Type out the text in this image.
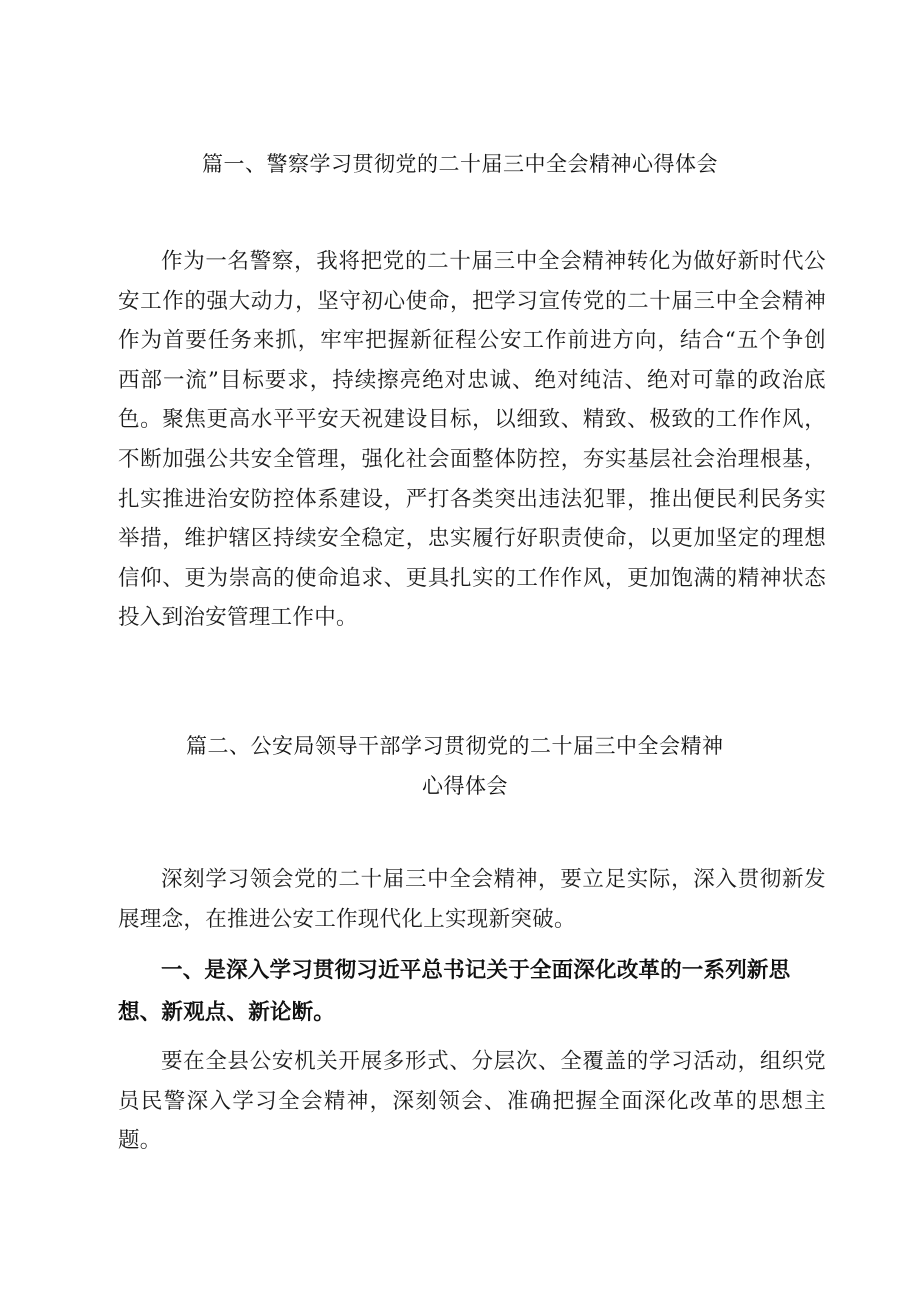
篇一、警察学习贯彻党的二十届三中全会精神心得体会

作为一名警察，我将把党的二十届三中全会精神转化为做好新时代公安工作的强大动力，坚守初心使命，把学习宣传党的二十届三中全会精神作为首要任务来抓，牢牢把握新征程公安工作前进方向，结合“五个争创西部一流”目标要求，持续擦亮绝对忠诚、绝对纯洁、绝对可靠的政治底色。聚焦更高水平平安天祝建设目标，以细致、精致、极致的工作作风，不断加强公共安全管理，强化社会面整体防控，夯实基层社会治理根基，扎实推进治安防控体系建设，严打各类突出违法犯罪，推出便民利民务实举措，维护辖区持续安全稳定，忠实履行好职责使命，以更加坚定的理想信仰、更为崇高的使命追求、更具扎实的工作作风，更加饱满的精神状态投入到治安管理工作中。

篇二、公安局领导干部学习贯彻党的二十届三中全会精神
心得体会

深刻学习领会党的二十届三中全会精神，要立足实际，深入贯彻新发展理念，在推进公安工作现代化上实现新突破。

一、是深入学习贯彻习近平总书记关于全面深化改革的一系列新思想、新观点、新论断。

要在全县公安机关开展多形式、分层次、全覆盖的学习活动，组织党员民警深入学习全会精神，深刻领会、准确把握全面深化改革的思想主题。
